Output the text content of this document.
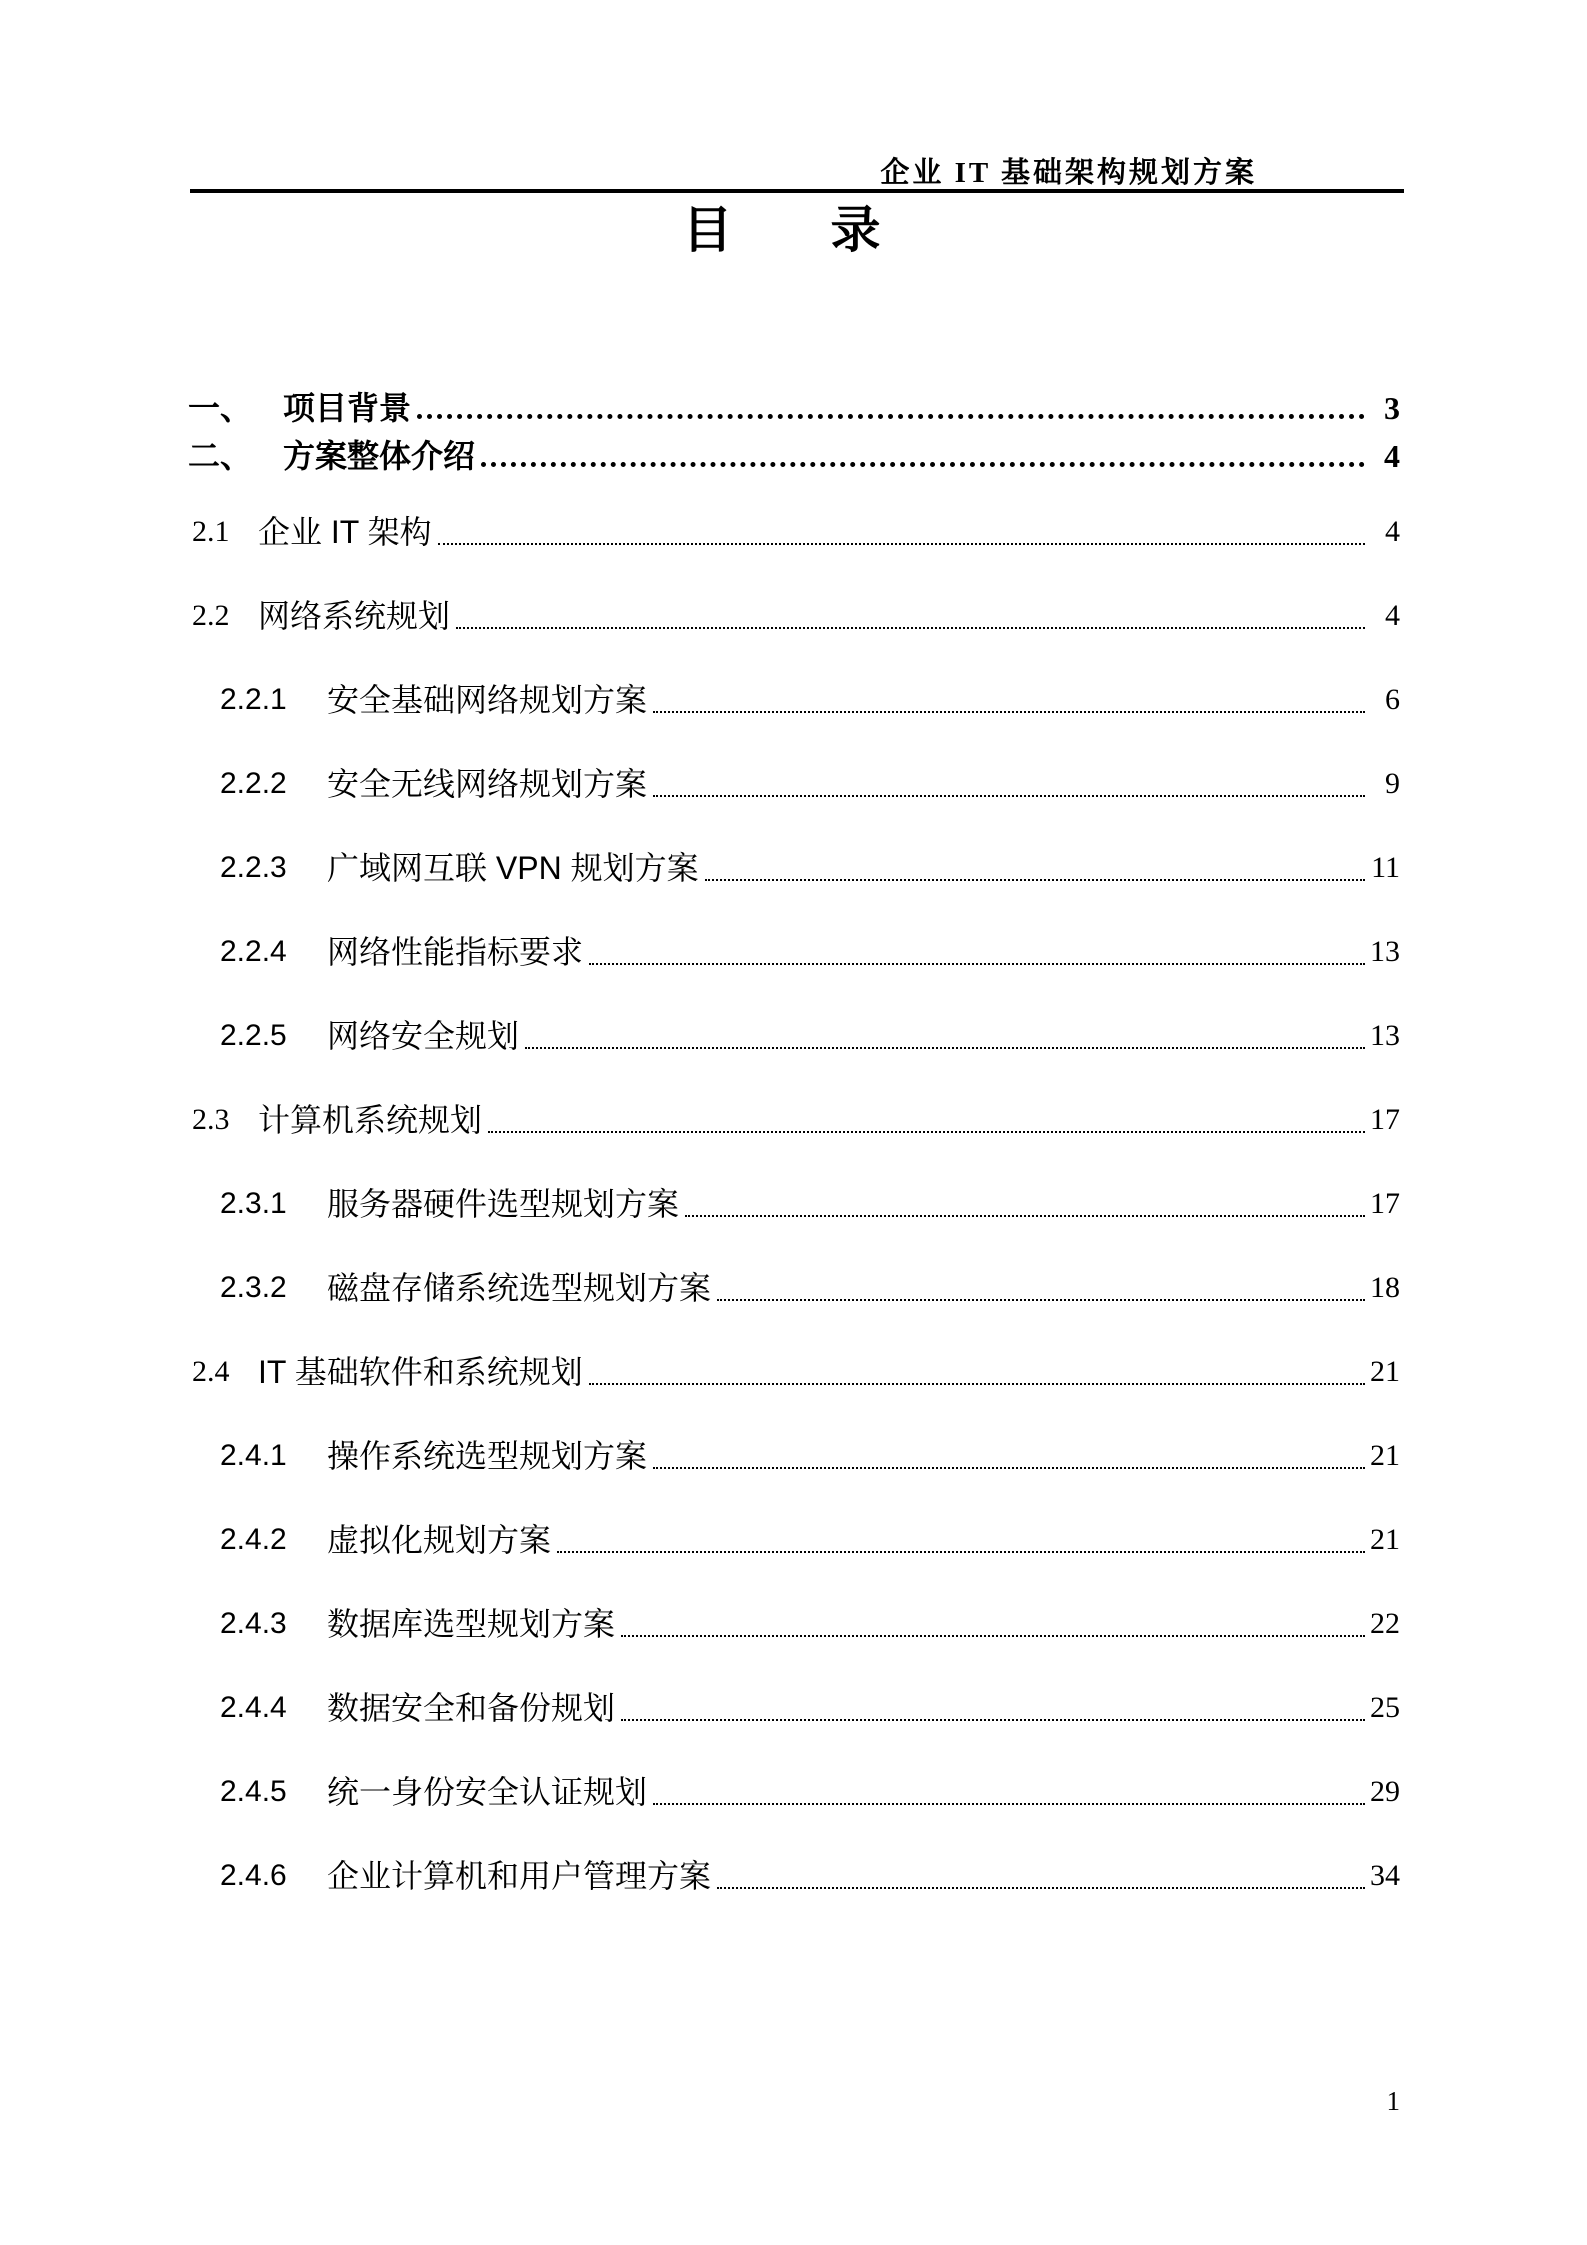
企业 IT 基础架构规划方案
目　录
一、 项目背景	3
二、 方案整体介绍	4
2.1 企业 IT 架构	4
2.2 网络系统规划	4
2.2.1	安全基础网络规划方案	6
2.2.2	安全无线网络规划方案	9
2.2.3	广域网互联 VPN 规划方案	11
2.2.4	网络性能指标要求	13
2.2.5	网络安全规划	13
2.3 计算机系统规划	17
2.3.1	服务器硬件选型规划方案	17
2.3.2	磁盘存储系统选型规划方案	18
2.4 IT 基础软件和系统规划	21
2.4.1	操作系统选型规划方案	21
2.4.2	虚拟化规划方案	21
2.4.3	数据库选型规划方案	22
2.4.4	数据安全和备份规划	25
2.4.5	统一身份安全认证规划	29
2.4.6	企业计算机和用户管理方案	34
1
